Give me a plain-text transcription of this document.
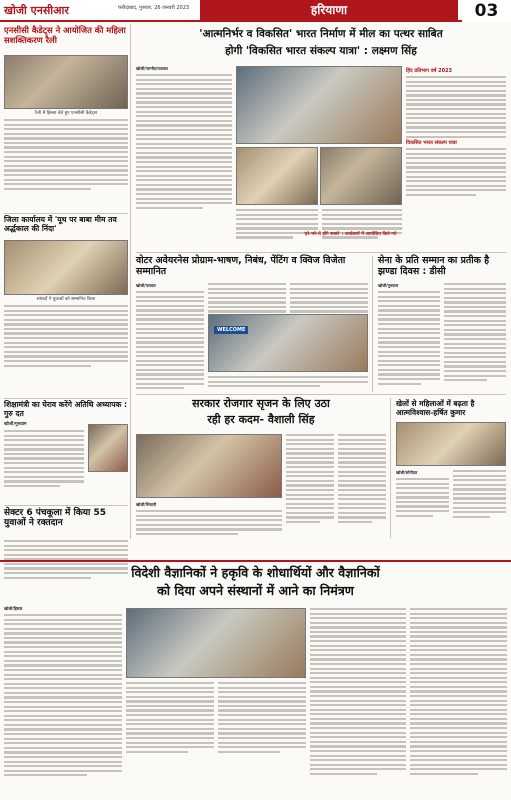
खोजी एनसीआर	फरीदाबाद, गुरुवार, 26 जनवरी 2023	हरियाणा	03
एनसीसी कैडेट्स ने आयोजित की महिला सशक्तिकरण रैली
रैली में हिस्सा लेते हुए एनसीसी कैडेट्स
जिला कार्यालय में 'यूथ पर बाबा मीम तव अर्द्धकाल की निंदा'
सांसदों ने युवाओं को सम्मानित किया
शिक्षामंत्री का घेराव करेंगे अतिथि अध्यापक : गुरु दत
खोजी/गुरुग्राम
सेक्टर 6 पंचकूला में किया 55 युवाओं ने रक्तदान
'आत्मनिर्भर व विकसित' भारत निर्माण में मील का पत्थर साबित
होगी 'विकसित भारत संकल्प यात्रा' : लक्ष्मण सिंह
खोजी/नारनौल/पलवल	हिंद प्रतिभाग वर्ष 2023
विकसित भारत संकल्प यात्रा
'हरे-भरे-से होंगे सबसे' : कार्यक्रमों में आयोजित किये गये
वोटर अवेयरनेस प्रोग्राम-भाषण, निबंध, पेंटिंग व क्विज विजेता सम्मानित
खोजी/पलवल
WELCOME
सेना के प्रति सम्मान का प्रतीक है झण्डा दिवस : डीसी
खोजी/गुरुग्राम
सरकार रोजगार सृजन के लिए उठा
रही हर कदम- वैशाली सिंह
खोजी/भिवानी
खेलों से महिलाओं में बढ़ता है आत्मविश्वास-हर्षित कुमार
खोजी/सोनीपत
विदेशी वैज्ञानिकों ने हकृवि के शोधार्थियों और वैज्ञानिकों
को दिया अपने संस्थानों में आने का निमंत्रण
खोजी/हिसार
